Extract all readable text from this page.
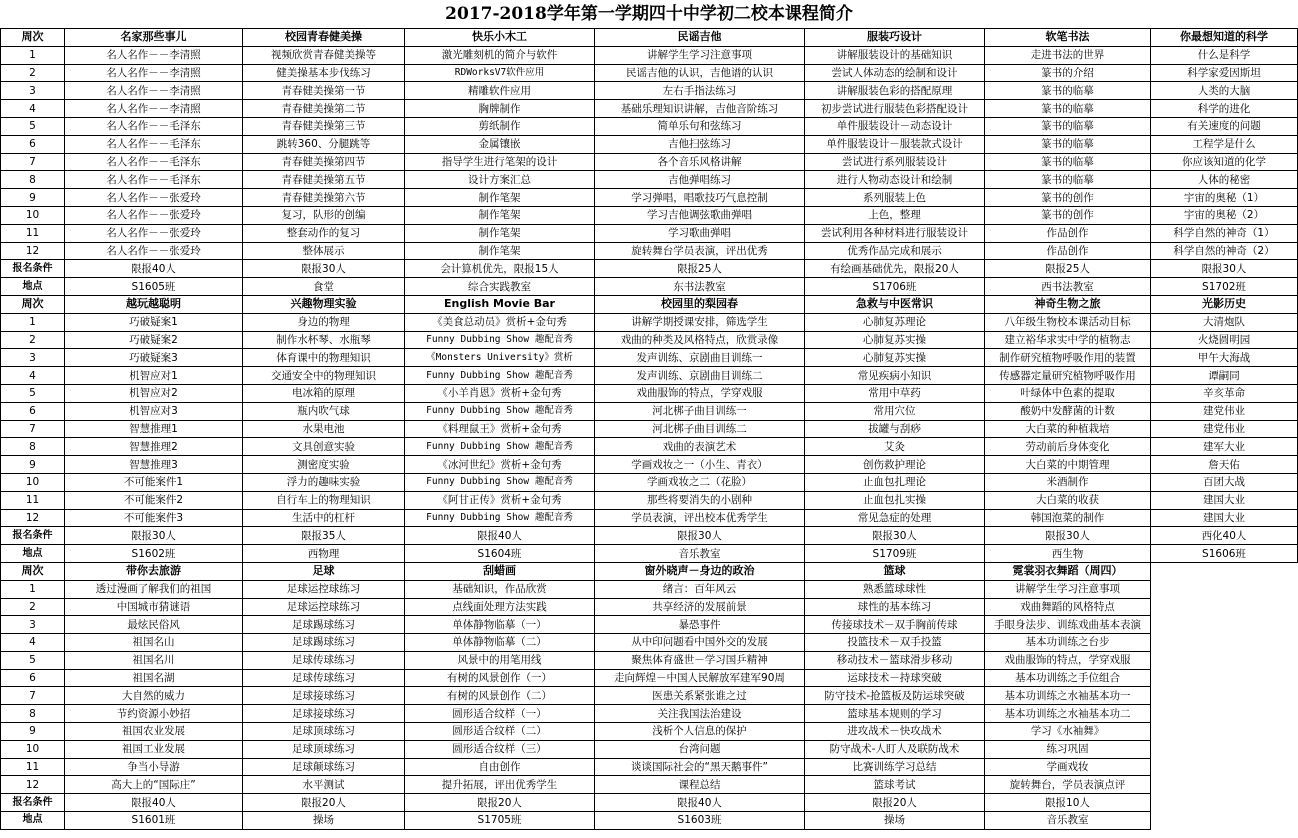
2017-2018学年第一学期四十中学初二校本课程简介
周次	名家那些事儿	校园青春健美操	快乐小木工	民谣吉他	服装巧设计	软笔书法	你最想知道的科学
1	名人名作－－李清照	视频欣赏青春健美操等	激光雕刻机的简介与软件	讲解学生学习注意事项	讲解服装设计的基础知识	走进书法的世界	什么是科学
2	名人名作－－李清照	健美操基本步伐练习	RDWorksV7软件应用	民谣吉他的认识，吉他谱的认识	尝试人体动态的绘制和设计	篆书的介绍	科学家爱因斯坦
3	名人名作－－李清照	青春健美操第一节	精雕软件应用	左右手指法练习	讲解服装色彩的搭配原理	篆书的临摹	人类的大脑
4	名人名作－－李清照	青春健美操第二节	胸牌制作	基础乐理知识讲解，吉他音阶练习	初步尝试进行服装色彩搭配设计	篆书的临摹	科学的进化
5	名人名作－－毛泽东	青春健美操第三节	剪纸制作	简单乐句和弦练习	单件服装设计－动态设计	篆书的临摹	有关速度的问题
6	名人名作－－毛泽东	跳转360、分腿跳等	金属镶嵌	吉他扫弦练习	单件服装设计－服装款式设计	篆书的临摹	工程学是什么
7	名人名作－－毛泽东	青春健美操第四节	指导学生进行笔架的设计	各个音乐风格讲解	尝试进行系列服装设计	篆书的临摹	你应该知道的化学
8	名人名作－－毛泽东	青春健美操第五节	设计方案汇总	吉他弹唱练习	进行人物动态设计和绘制	篆书的临摹	人体的秘密
9	名人名作－－张爱玲	青春健美操第六节	制作笔架	学习弹唱，唱歌技巧气息控制	系列服装上色	篆书的创作	宇宙的奥秘（1）
10	名人名作－－张爱玲	复习，队形的创编	制作笔架	学习吉他调弦歌曲弹唱	上色，整理	篆书的创作	宇宙的奥秘（2）
11	名人名作－－张爱玲	整套动作的复习	制作笔架	学习歌曲弹唱	尝试利用各种材料进行服装设计	作品创作	科学自然的神奇（1）
12	名人名作－－张爱玲	整体展示	制作笔架	旋转舞台学员表演，评出优秀	优秀作品完成和展示	作品创作	科学自然的神奇（2）
报名条件	限报40人	限报30人	会计算机优先，限报15人	限报25人	有绘画基础优先，限报20人	限报25人	限报30人
地点	S1605班	食堂	综合实践教室	东书法教室	S1706班	西书法教室	S1702班
周次	越玩越聪明	兴趣物理实验	English Movie Bar	校园里的梨园春	急救与中医常识	神奇生物之旅	光影历史
1	巧破疑案1	身边的物理	《美食总动员》赏析+金句秀	讲解学期授课安排，筛选学生	心肺复苏理论	八年级生物校本课活动目标	大清炮队
2	巧破疑案2	制作水杯琴、水瓶琴	Funny Dubbing Show 趣配音秀	戏曲的种类及风格特点，欣赏录像	心肺复苏实操	建立裕华求实中学的植物志	火烧圆明园
3	巧破疑案3	体育课中的物理知识	《Monsters University》赏析	发声训练、京剧曲目训练一	心肺复苏实操	制作研究植物呼吸作用的装置	甲午大海战
4	机智应对1	交通安全中的物理知识	Funny Dubbing Show 趣配音秀	发声训练、京剧曲目训练二	常见疾病小知识	传感器定量研究植物呼吸作用	谭嗣同
5	机智应对2	电冰箱的原理	《小羊肖恩》赏析+金句秀	戏曲服饰的特点，学穿戏服	常用中草药	叶绿体中色素的提取	辛亥革命
6	机智应对3	瓶内吹气球	Funny Dubbing Show 趣配音秀	河北梆子曲目训练一	常用穴位	酸奶中发酵菌的计数	建党伟业
7	智慧推理1	水果电池	《料理鼠王》赏析+金句秀	河北梆子曲目训练二	拔罐与刮痧	大白菜的种植栽培	建党伟业
8	智慧推理2	文具创意实验	Funny Dubbing Show 趣配音秀	戏曲的表演艺术	艾灸	劳动前后身体变化	建军大业
9	智慧推理3	测密度实验	《冰河世纪》赏析+金句秀	学画戏妆之一（小生、青衣）	创伤救护理论	大白菜的中期管理	詹天佑
10	不可能案件1	浮力的趣味实验	Funny Dubbing Show 趣配音秀	学画戏妆之二（花脸）	止血包扎理论	米酒制作	百团大战
11	不可能案件2	自行车上的物理知识	《阿甘正传》赏析+金句秀	那些将要消失的小剧种	止血包扎实操	大白菜的收获	建国大业
12	不可能案件3	生活中的杠杆	Funny Dubbing Show 趣配音秀	学员表演，评出校本优秀学生	常见急症的处理	韩国泡菜的制作	建国大业
报名条件	限报30人	限报35人	限报40人	限报30人	限报30人	限报30人	西化40人
地点	S1602班	西物理	S1604班	音乐教室	S1709班	西生物	S1606班
周次	带你去旅游	足球	刮蜡画	窗外晓声－身边的政治	篮球	霓裳羽衣舞蹈（周四）	
1	透过漫画了解我们的祖国	足球运控球练习	基础知识，作品欣赏	绪言：百年风云	熟悉篮球球性	讲解学生学习注意事项	
2	中国城市猜谜语	足球运控球练习	点线面处理方法实践	共享经济的发展前景	球性的基本练习	戏曲舞蹈的风格特点	
3	最炫民俗风	足球踢球练习	单体静物临摹（一）	暴恐事件	传接球技术－双手胸前传球	手眼身法步、训练戏曲基本表演	
4	祖国名山	足球踢球练习	单体静物临摹（二）	从中印问题看中国外交的发展	投篮技术－双手投篮	基本功训练之台步	
5	祖国名川	足球传球练习	风景中的用笔用线	聚焦体育盛世－学习国乒精神	移动技术－篮球滑步移动	戏曲服饰的特点，学穿戏服	
6	祖国名湖	足球传球练习	有树的风景创作（一）	走向辉煌－中国人民解放军建军90周	运球技术－持球突破	基本功训练之手位组合	
7	大自然的威力	足球接球练习	有树的风景创作（二）	医患关系紧张谁之过	防守技术-抢篮板及防运球突破	基本功训练之水袖基本功一	
8	节约资源小妙招	足球接球练习	圆形适合纹样（一）	关注我国法治建设	篮球基本规则的学习	基本功训练之水袖基本功二	
9	祖国农业发展	足球顶球练习	圆形适合纹样（二）	浅析个人信息的保护	进攻战术－快攻战术	学习《水袖舞》	
10	祖国工业发展	足球顶球练习	圆形适合纹样（三）	台湾问题	防守战术-人盯人及联防战术	练习巩固	
11	争当小导游	足球颠球练习	自由创作	谈谈国际社会的“黑天鹅事件”	比赛训练学习总结	学画戏妆	
12	高大上的“国际庄”	水平测试	提升拓展，评出优秀学生	课程总结	篮球考试	旋转舞台，学员表演点评	
报名条件	限报40人	限报20人	限报20人	限报40人	限报20人	限报10人	
地点	S1601班	操场	S1705班	S1603班	操场	音乐教室	
